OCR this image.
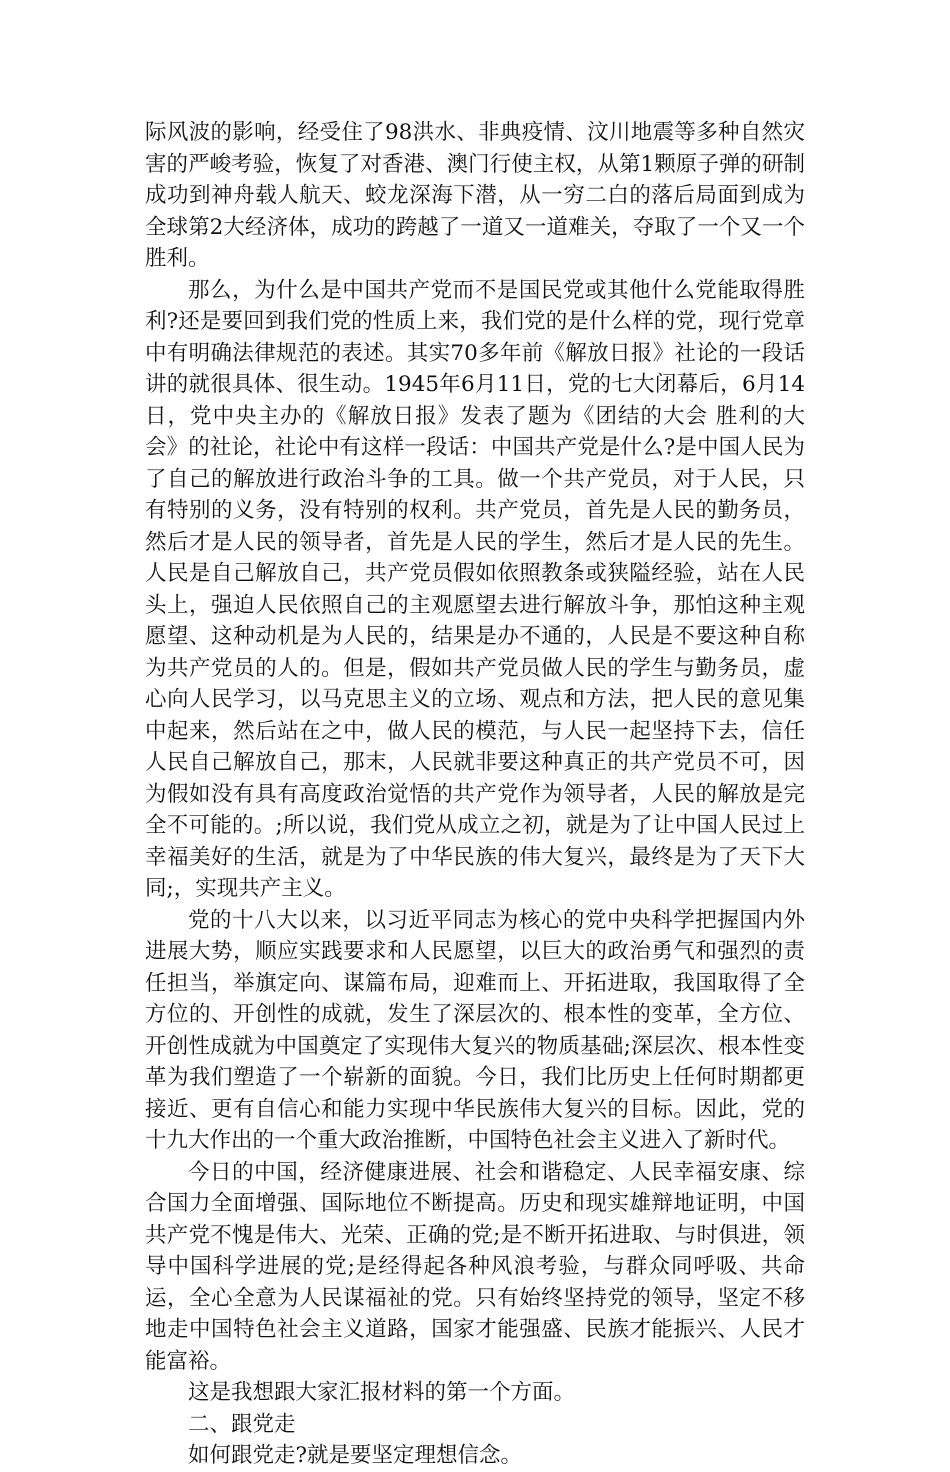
际风波的影响，经受住了98洪水、非典疫情、汶川地震等多种自然灾害的严峻考验，恢复了对香港、澳门行使主权，从第1颗原子弹的研制成功到神舟载人航天、蛟龙深海下潜，从一穷二白的落后局面到成为全球第2大经济体，成功的跨越了一道又一道难关，夺取了一个又一个胜利。

那么，为什么是中国共产党而不是国民党或其他什么党能取得胜利?还是要回到我们党的性质上来，我们党的是什么样的党，现行党章中有明确法律规范的表述。其实70多年前《解放日报》社论的一段话讲的就很具体、很生动。1945年6月11日，党的七大闭幕后，6月14日，党中央主办的《解放日报》发表了题为《团结的大会 胜利的大会》的社论，社论中有这样一段话：中国共产党是什么?是中国人民为了自己的解放进行政治斗争的工具。做一个共产党员，对于人民，只有特别的义务，没有特别的权利。共产党员，首先是人民的勤务员，然后才是人民的领导者，首先是人民的学生，然后才是人民的先生。人民是自己解放自己，共产党员假如依照教条或狭隘经验，站在人民头上，强迫人民依照自己的主观愿望去进行解放斗争，那怕这种主观愿望、这种动机是为人民的，结果是办不通的，人民是不要这种自称为共产党员的人的。但是，假如共产党员做人民的学生与勤务员，虚心向人民学习，以马克思主义的立场、观点和方法，把人民的意见集中起来，然后站在之中，做人民的模范，与人民一起坚持下去，信任人民自己解放自己，那末，人民就非要这种真正的共产党员不可，因为假如没有具有高度政治觉悟的共产党作为领导者，人民的解放是完全不可能的。;所以说，我们党从成立之初，就是为了让中国人民过上幸福美好的生活，就是为了中华民族的伟大复兴，最终是为了天下大同;，实现共产主义。

党的十八大以来，以习近平同志为核心的党中央科学把握国内外进展大势，顺应实践要求和人民愿望，以巨大的政治勇气和强烈的责任担当，举旗定向、谋篇布局，迎难而上、开拓进取，我国取得了全方位的、开创性的成就，发生了深层次的、根本性的变革，全方位、开创性成就为中国奠定了实现伟大复兴的物质基础;深层次、根本性变革为我们塑造了一个崭新的面貌。今日，我们比历史上任何时期都更接近、更有自信心和能力实现中华民族伟大复兴的目标。因此，党的十九大作出的一个重大政治推断，中国特色社会主义进入了新时代。

今日的中国，经济健康进展、社会和谐稳定、人民幸福安康、综合国力全面增强、国际地位不断提高。历史和现实雄辩地证明，中国共产党不愧是伟大、光荣、正确的党;是不断开拓进取、与时俱进，领导中国科学进展的党;是经得起各种风浪考验，与群众同呼吸、共命运，全心全意为人民谋福祉的党。只有始终坚持党的领导，坚定不移地走中国特色社会主义道路，国家才能强盛、民族才能振兴、人民才能富裕。

这是我想跟大家汇报材料的第一个方面。

二、跟党走

如何跟党走?就是要坚定理想信念。
